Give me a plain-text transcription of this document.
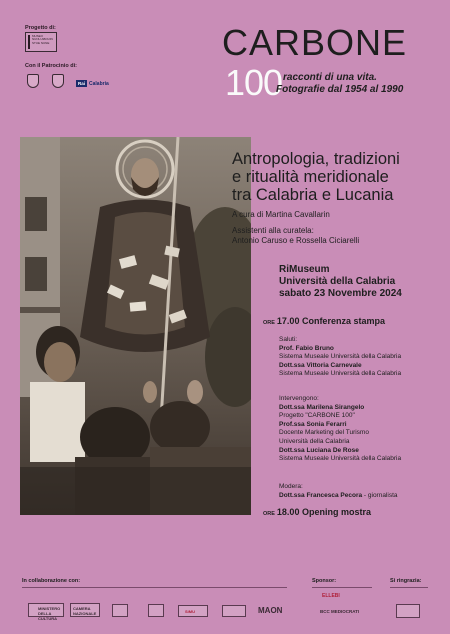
Progetto di:
MUSEO
NUNU ABOUIN
STUE NUNE
Con il Patrocinio di:
Rai Calabria
CARBONE
100 racconti di una vita.
Fotografie dal 1954 al 1990
Antropologia, tradizioni
e ritualità meridionale
tra Calabria e Lucania
A cura di Martina Cavallarin
Assistenti alla curatela:
Antonio Caruso e Rossella Ciciarelli
RiMuseum
Università della Calabria
sabato 23 Novembre 2024
ORE 17.00 Conferenza stampa
Saluti:
Prof. Fabio Bruno
Sistema Museale Università della Calabria
Dott.ssa Vittoria Carnevale
Sistema Museale Università della Calabria
Intervengono:
Dott.ssa Marilena Sirangelo
Progetto "CARBONE 100"
Prof.ssa Sonia Ferarri
Docente Marketing del Turismo
Università della Calabria
Dott.ssa Luciana De Rose
Sistema Museale Università della Calabria
Modera:
Dott.ssa Francesca Pecora - giornalista
ORE 18.00 Opening mostra
In collaborazione con:	Sponsor:	Si ringrazia:
MINISTERO DELLA CULTURA
CAMERA NAZIONALE	SiMU	MAON
ELLEBI
BCC MEDIOCRATI
